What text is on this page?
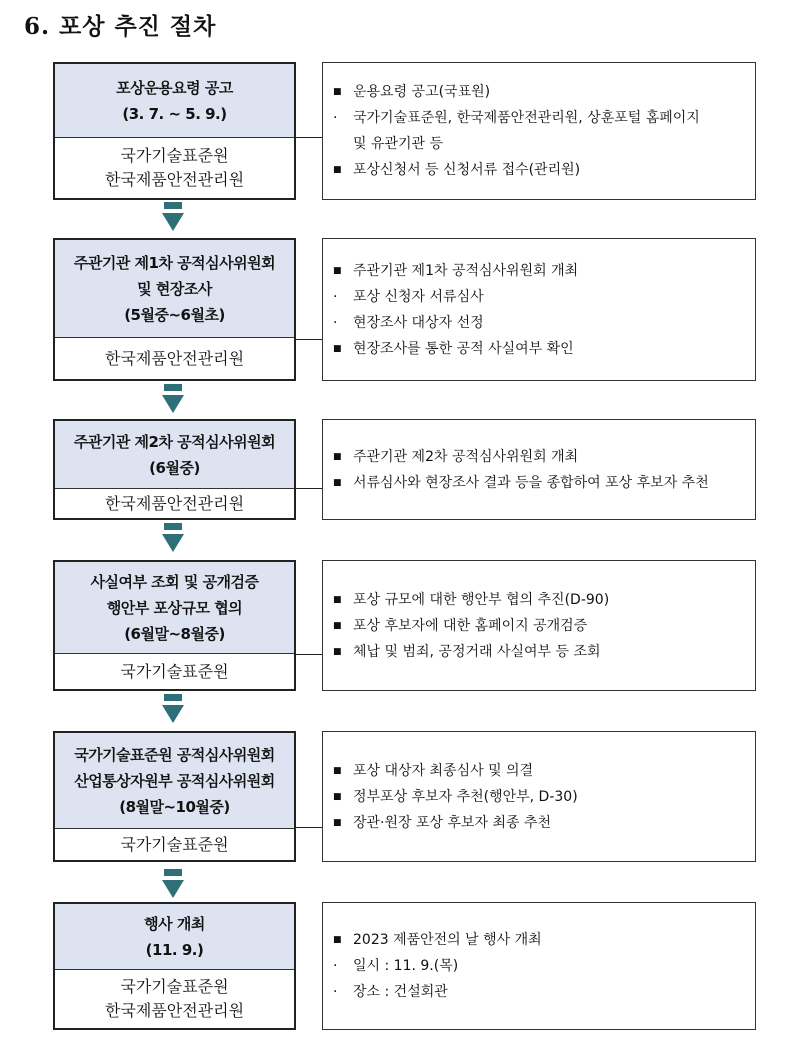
6. 포상 추진 절차
포상운용요령 공고
(3. 7. ~ 5. 9.)
국가기술표준원
한국제품안전관리원
■ 운용요령 공고(국표원)
·	국가기술표준원, 한국제품안전관리원, 상훈포털 홈페이지
및 유관기관 등
■ 포상신청서 등 신청서류 접수(관리원)
주관기관 제1차 공적심사위원회
및 현장조사
(5월중~6월초)
한국제품안전관리원
■ 주관기관 제1차 공적심사위원회 개최
·	포상 신청자 서류심사
·	현장조사 대상자 선정
■ 현장조사를 통한 공적 사실여부 확인
주관기관 제2차 공적심사위원회
(6월중)
한국제품안전관리원
■ 주관기관 제2차 공적심사위원회 개최
■ 서류심사와 현장조사 결과 등을 종합하여 포상 후보자 추천
사실여부 조회 및 공개검증
행안부 포상규모 협의
(6월말~8월중)
국가기술표준원
■ 포상 규모에 대한 행안부 협의 추진(D-90)
■ 포상 후보자에 대한 홈페이지 공개검증
■ 체납 및 범죄, 공정거래 사실여부 등 조회
국가기술표준원 공적심사위원회
산업통상자원부 공적심사위원회
(8월말~10월중)
국가기술표준원
■ 포상 대상자 최종심사 및 의결
■ 정부포상 후보자 추천(행안부, D-30)
■ 장관·원장 포상 후보자 최종 추천
행사 개최
(11. 9.)
국가기술표준원
한국제품안전관리원
■ 2023 제품안전의 날 행사 개최
·	일시 : 11. 9.(목)
·	장소 : 건설회관
